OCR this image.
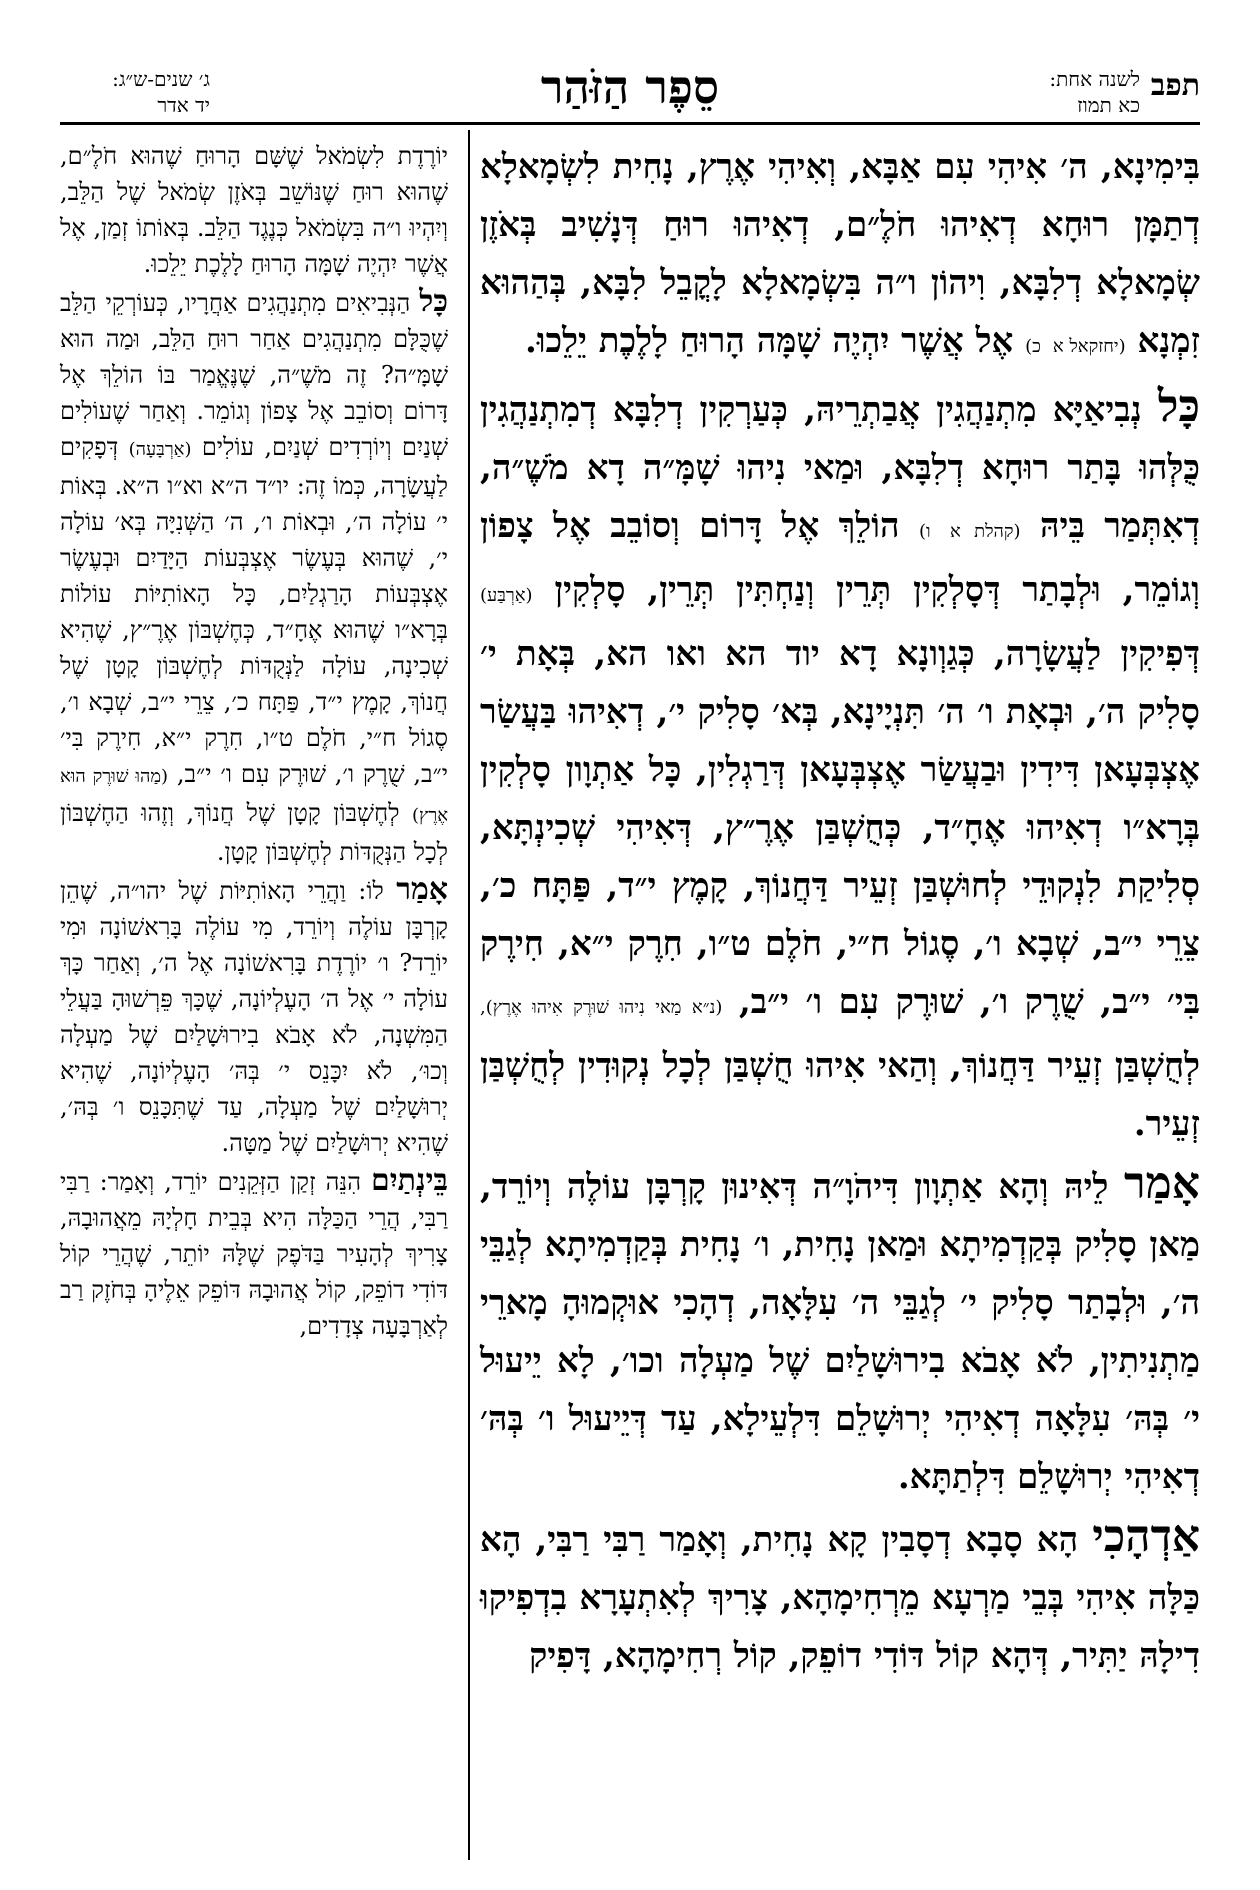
תפב
לשנה אחת:
כא תמוז
סֵפֶר הַזֹּהַר
ג׳ שנים-ש״ג:
יד אדר

בִּימִינָא, ה׳ אִיהִי עִם אַבָּא, וְאִיהִי אֶרֶץ, נָחִית לִשְׂמָאלָא דְתַמָּן רוּחָא דְאִיהוּ חֹלֶ״ם, דְאִיהוּ רוּחַ דְּנָשִׁיב בְּאֹזֶן שְׂמָאלָא דְלִבָּא, וִיהוֹן ו״ה בִּשְׂמָאלָא לָקֳבֵל לִבָּא, בְּהַהוּא זִמְנָא (יחזקאל א כ) אֶל אֲשֶׁר יִהְיֶה שָׁמָּה הָרוּחַ לָלֶכֶת יֵלֵכוּ.

כָּל נְבִיאַיָּא מִתְנַהֲגִין אֲבַתְרֵיהּ, כְּעַרְקִין דְלִבָּא דְמִתְנַהֲגִין כֻּלְּהוּ בָּתַר רוּחָא דְלִבָּא, וּמַאי נִיהוּ שָׁמָּ״ה דָא מֹשֶׁ״ה, דְאִתְּמַר בֵּיהּ (קהלת א ו) הוֹלֵךְ אֶל דָּרוֹם וְסוֹבֵב אֶל צָפוֹן וְגוֹמֵר, וּלְבָתַר דְּסָלְקִין תְּרֵין וְנַחְתִּין תְּרֵין, סָלְקִין (אַרְבַּע) דְּפִיקִין לַעֲשָׂרָה, כְּגַוְונָא דָא יוד הא ואו הא, בְּאָת י׳ סָלִיק ה׳, וּבְאָת ו׳ ה׳ תִּנְיָינָא, בְּא׳ סָלִיק י׳, דְאִיהוּ בַּעֲשַׂר אֶצְבְּעָאן דִּידִין וּבַעֲשַׂר אֶצְבְּעָאן דְּרַגְלִין, כָּל אַתְוָון סָלְקִין בְּרָא״ו דְאִיהוּ אֶחָ״ד, כְּחֻשְׁבַּן אֶרֶ״ץ, דְּאִיהִי שְׁכִינְתָּא, סְלִיקַת לִנְקוּדֵי לְחוּשְׁבַּן זְעֵיר דַּחֲנוֹךְ, קָמֶץ י״ד, פַּתָּח כ׳, צֵרֵי י״ב, שְׁבָא ו׳, סֶגוֹל ח״י, חֹלֶם ט״ו, חִרֶק י״א, חִירֶק בִּי׳ י״ב, שֻׁרֶק ו׳, שׁוּרֶק עִם ו׳ י״ב, (נ״א מַאי נִיהוּ שׁוּרֶק אִיהוּ אֶרֶץ), לְחֻשְׁבַּן זְעֵיר דַּחֲנוֹךְ, וְהַאי אִיהוּ חֻשְׁבַּן לְכָל נְקוּדִין לְחֻשְׁבַּן זְעֵיר.

אָמַר לֵיהּ וְהָא אַתְוָון דִּיהֹוָ״ה דְּאִינוּן קָרְבָּן עוֹלֶה וְיוֹרֵד, מַאן סָלִיק בְּקַדְמִיתָא וּמַאן נָחִית, ו׳ נָחִית בְּקַדְמִיתָא לְגַבֵּי ה׳, וּלְבָתַר סָלִיק י׳ לְגַבֵּי ה׳ עִלָּאָה, דְהָכִי אוּקְמוּהָ מָארֵי מַתְנִיתִין, לֹא אָבֹא בִירוּשָׁלַיִם שֶׁל מַעְלָה וכו׳, לָא יֵיעוּל י׳ בְּהּ׳ עִלָּאָה דְאִיהִי יְרוּשָׁלֵם דִּלְעֵילָא, עַד דְּיֵיעוּל ו׳ בְּהּ׳ דְאִיהִי יְרוּשָׁלֵם דִּלְתַתָּא.

אַדְהָכִי הָא סָבָא דְסָבִין קָא נָחִית, וְאָמַר רַבִּי רַבִּי, הָא כַּלָּה אִיהִי בְּבֵי מַרְעָא מֵרְחִימָהָא, צָרִיךְ לְאִתְעָרָא בִדְפִיקוּ דִילָהּ יַתִּיר, דְּהָא קוֹל דּוֹדִי דוֹפֵק, קוֹל רְחִימָהָא, דָּפִיק

יוֹרֶדֶת לִשְׂמֹאל שֶׁשָּׁם הָרוּחַ שֶׁהוּא חֹלֶ״ם, שֶׁהוּא רוּחַ שֶׁנּוֹשֵׁב בְּאֹזֶן שְׂמֹאל שֶׁל הַלֵּב, וְיִהְיוּ ו״ה בִּשְׂמֹאל כְּנֶגֶד הַלֵּב. בְּאוֹתוֹ זְמַן, אֶל אֲשֶׁר יִהְיֶה שָׁמָּה הָרוּחַ לָלֶכֶת יֵלֵכוּ.

כָּל הַנְּבִיאִים מִתְנַהֲגִים אַחֲרָיו, כְּעוֹרְקֵי הַלֵּב שֶׁכֻּלָּם מִתְנַהֲגִים אַחַר רוּחַ הַלֵּב, וּמַה הוּא שָׁמָּ״ה? זֶה מֹשֶׁ״ה, שֶׁנֶּאֱמַר בּוֹ הוֹלֵךְ אֶל דָּרוֹם וְסוֹבֵב אֶל צָפוֹן וְגוֹמֵר. וְאַחַר שֶׁעוֹלִים שְׁנַיִם וְיוֹרְדִים שְׁנַיִם, עוֹלִים (אַרְבָּעָה) דְּפָקִים לַעֲשָׂרָה, כְּמוֹ זֶה: יו״ד ה״א וא״ו ה״א. בְּאוֹת י׳ עוֹלָה ה׳, וּבְאוֹת ו׳, ה׳ הַשְּׁנִיָּה בְּא׳ עוֹלָה י׳, שֶׁהוּא בְּעֶשֶׂר אֶצְבְּעוֹת הַיָּדַיִם וּבְעֶשֶׂר אֶצְבְּעוֹת הָרַגְלַיִם, כָּל הָאוֹתִיּוֹת עוֹלוֹת בְּרָא״ו שֶׁהוּא אֶחָ״ד, כְּחֶשְׁבּוֹן אֶרֶ״ץ, שֶׁהִיא שְׁכִינָה, עוֹלָה לַנְּקֻדּוֹת לְחֶשְׁבּוֹן קָטָן שֶׁל חֲנוֹךְ, קָמֶץ י״ד, פַּתָּח כ׳, צֵרֵי י״ב, שְׁבָא ו׳, סֶגוֹל ח״י, חֹלֶם ט״ו, חִרֶק י״א, חִירֶק בִּי׳ י״ב, שֻׁרֶק ו׳, שׁוּרֶק עִם ו׳ י״ב, (מַהוּ שׁוּרֶק הוּא אֶרֶץ) לְחֶשְׁבּוֹן קָטָן שֶׁל חֲנוֹךְ, וְזֶהוּ הַחֶשְׁבּוֹן לְכָל הַנְּקֻדּוֹת לְחֶשְׁבּוֹן קָטָן.

אָמַר לוֹ: וַהֲרֵי הָאוֹתִיּוֹת שֶׁל יהו״ה, שֶׁהֵן קָרְבָּן עוֹלֶה וְיוֹרֵד, מִי עוֹלֶה בָּרִאשׁוֹנָה וּמִי יוֹרֵד? ו׳ יוֹרֶדֶת בָּרִאשׁוֹנָה אֶל ה׳, וְאַחַר כָּךְ עוֹלָה י׳ אֶל ה׳ הָעֶלְיוֹנָה, שֶׁכָּךְ פֵּרְשׁוּהָ בַּעֲלֵי הַמִּשְׁנָה, לֹא אָבֹא בִירוּשָׁלַיִם שֶׁל מַעְלָה וְכוּ׳, לֹא יִכָּנֵס י׳ בְּהּ׳ הָעֶלְיוֹנָה, שֶׁהִיא יְרוּשָׁלַיִם שֶׁל מַעְלָה, עַד שֶׁתִּכָּנֵס ו׳ בְּהּ׳, שֶׁהִיא יְרוּשָׁלַיִם שֶׁל מַטָּה.

בֵּינְתַיִם הִנֵּה זְקַן הַזְּקֵנִים יוֹרֵד, וְאָמַר: רַבִּי רַבִּי, הֲרֵי הַכַּלָּה הִיא בְּבֵית חָלְיָהּ מֵאֲהוּבָהּ, צָרִיךְ לְהָעִיר בַּדֹּפֶק שֶׁלָּהּ יוֹתֵר, שֶׁהֲרֵי קוֹל דּוֹדִי דוֹפֵק, קוֹל אֲהוּבָהּ דּוֹפֵק אֵלֶיהָ בְּחֹזֶק רַב לְאַרְבָּעָה צְדָדִים,
